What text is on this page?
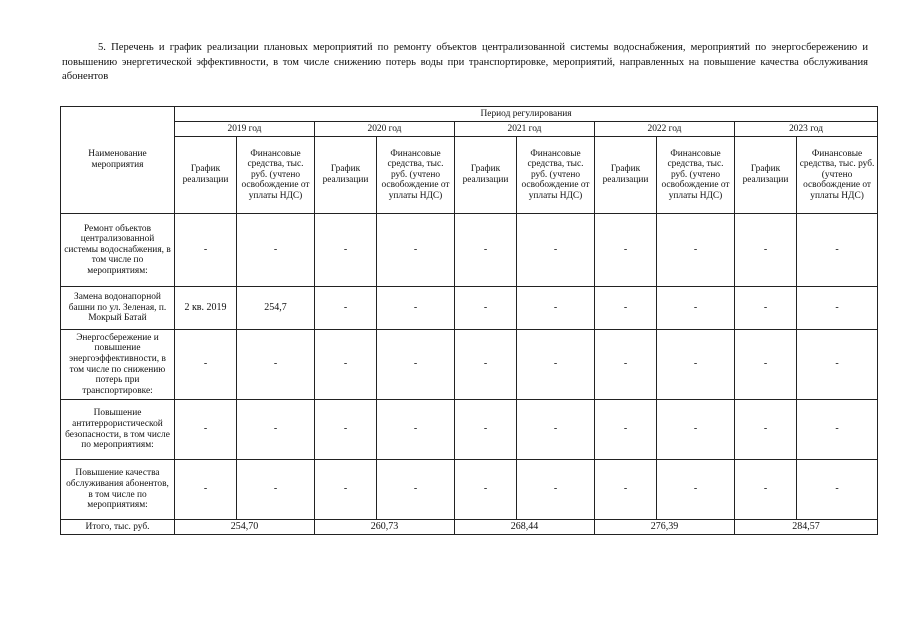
5. Перечень и график реализации плановых мероприятий по ремонту объектов централизованной системы водоснабжения, мероприятий по энергосбережению и повышению энергетической эффективности, в том числе снижению потерь воды при транспортировке, мероприятий, направленных на повышение качества обслуживания абонентов
Наименование мероприятия	Период регулирования									
	2019 год		2020 год		2021 год		2022 год		2023 год	
	График реализации	Финансовые средства, тыс. руб. (учтено освобождение от уплаты НДС)	График реализации	Финансовые средства, тыс. руб. (учтено освобождение от уплаты НДС)	График реализации	Финансовые средства, тыс. руб. (учтено освобождение от уплаты НДС)	График реализации	Финансовые средства, тыс. руб. (учтено освобождение от уплаты НДС)	График реализации	Финансовые средства, тыс. руб. (учтено освобождение от уплаты НДС)
Ремонт объектов централизованной системы водоснабжения, в том числе по мероприятиям:	-	-	-	-	-	-	-	-	-	-
Замена водонапорной башни по ул. Зеленая, п. Мокрый Батай	2 кв. 2019	254,7	-	-	-	-	-	-	-	-
Энергосбережение и повышение энергоэффективности, в том числе по снижению потерь при транспортировке:	-	-	-	-	-	-	-	-	-	-
Повышение антитеррористической безопасности, в том числе по мероприятиям:	-	-	-	-	-	-	-	-	-	-
Повышение качества обслуживания абонентов, в том числе по мероприятиям:	-	-	-	-	-	-	-	-	-	-
Итого, тыс. руб.	254,70		260,73		268,44		276,39		284,57	
